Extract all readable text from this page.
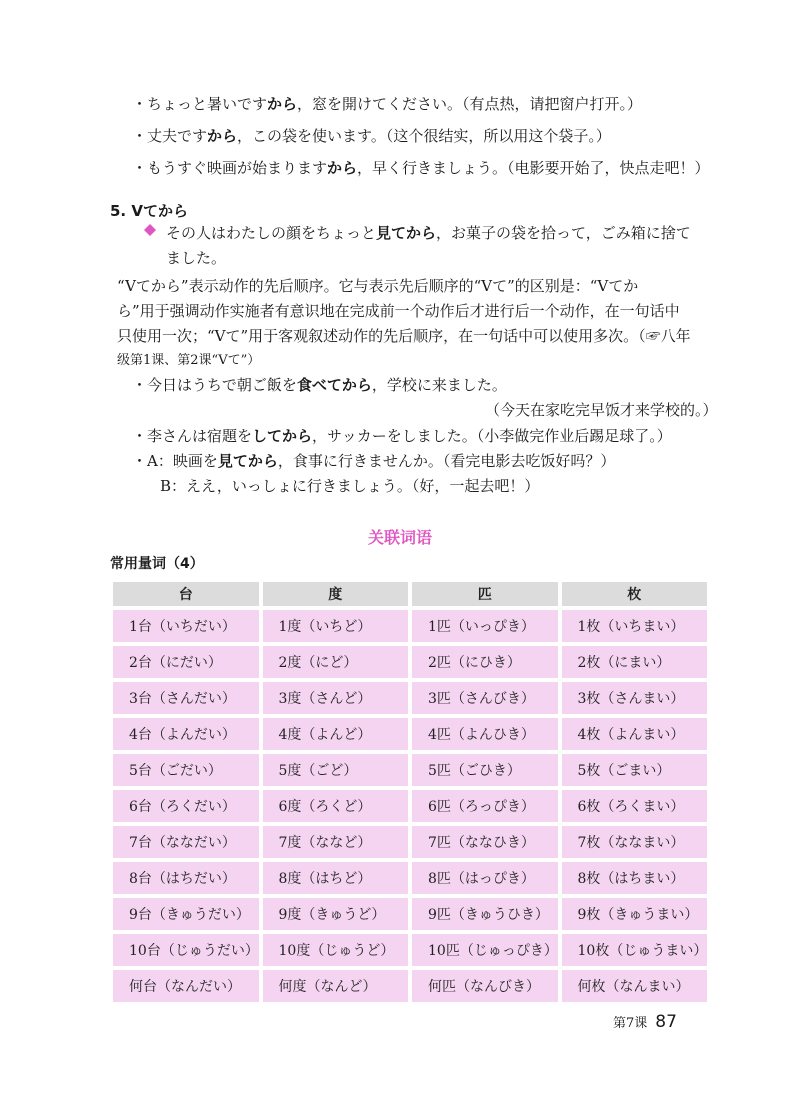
・ちょっと暑いですから，窓を開けてください。（有点热，请把窗户打开。）
・丈夫ですから，この袋を使います。（这个很结实，所以用这个袋子。）
・もうすぐ映画が始まりますから，早く行きましょう。（电影要开始了，快点走吧！）
5. Vてから
その人はわたしの顔をちょっと見てから，お菓子の袋を拾って，ごみ箱に捨て
ました。
“Vてから”表示动作的先后顺序。它与表示先后顺序的“Vて”的区别是：“Vてか
ら”用于强调动作实施者有意识地在完成前一个动作后才进行后一个动作，在一句话中
只使用一次；“Vて”用于客观叙述动作的先后顺序，在一句话中可以使用多次。（☞八年
级第1课、第2课“Vて”）
・今日はうちで朝ご飯を食べてから，学校に来ました。
（今天在家吃完早饭才来学校的。）
・李さんは宿題をしてから，サッカーをしました。（小李做完作业后踢足球了。）
・A：映画を見てから，食事に行きませんか。（看完电影去吃饭好吗？）
B：ええ，いっしょに行きましょう。（好，一起去吧！）
关联词语
常用量词（4）
台	度	匹	枚
1台（いちだい）	1度（いちど）	1匹（いっぴき）	1枚（いちまい）
2台（にだい）	2度（にど）	2匹（にひき）	2枚（にまい）
3台（さんだい）	3度（さんど）	3匹（さんびき）	3枚（さんまい）
4台（よんだい）	4度（よんど）	4匹（よんひき）	4枚（よんまい）
5台（ごだい）	5度（ごど）	5匹（ごひき）	5枚（ごまい）
6台（ろくだい）	6度（ろくど）	6匹（ろっぴき）	6枚（ろくまい）
7台（ななだい）	7度（ななど）	7匹（ななひき）	7枚（ななまい）
8台（はちだい）	8度（はちど）	8匹（はっぴき）	8枚（はちまい）
9台（きゅうだい）	9度（きゅうど）	9匹（きゅうひき）	9枚（きゅうまい）
10台（じゅうだい）	10度（じゅうど）	10匹（じゅっぴき）	10枚（じゅうまい）
何台（なんだい）	何度（なんど）	何匹（なんびき）	何枚（なんまい）
第7课 87
